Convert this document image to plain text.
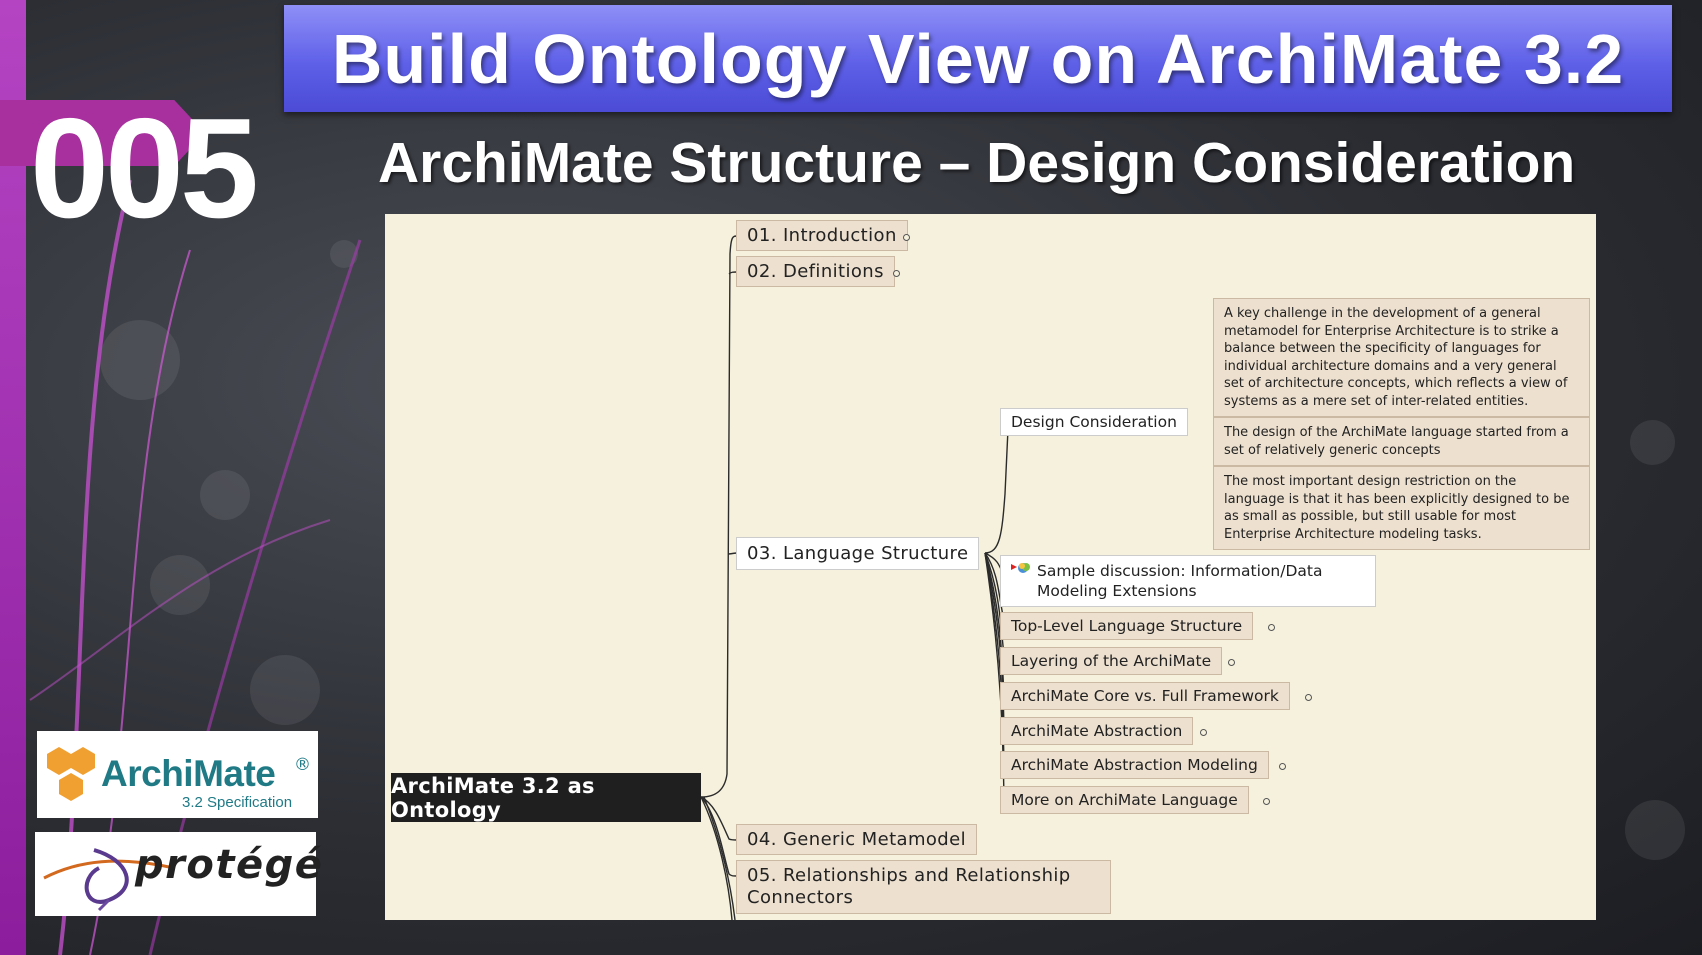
005
Build Ontology View on ArchiMate 3.2
ArchiMate Structure – Design Consideration
ArchiMate ®
3.2 Specification
protégé
ArchiMate 3.2 as Ontology
01. Introduction
02. Definitions
03. Language Structure
04. Generic Metamodel
05. Relationships and Relationship Connectors
Design Consideration
Sample discussion: Information/Data Modeling Extensions
Top-Level Language Structure
Layering of the ArchiMate
ArchiMate Core vs. Full Framework
ArchiMate Abstraction
ArchiMate Abstraction Modeling
More on ArchiMate Language
A key challenge in the development of a general metamodel for Enterprise Architecture is to strike a balance between the specificity of languages for individual architecture domains and a very general set of architecture concepts, which reflects a view of systems as a mere set of inter-related entities.
The design of the ArchiMate language started from a set of relatively generic concepts
The most important design restriction on the language is that it has been explicitly designed to be as small as possible, but still usable for most Enterprise Architecture modeling tasks.
